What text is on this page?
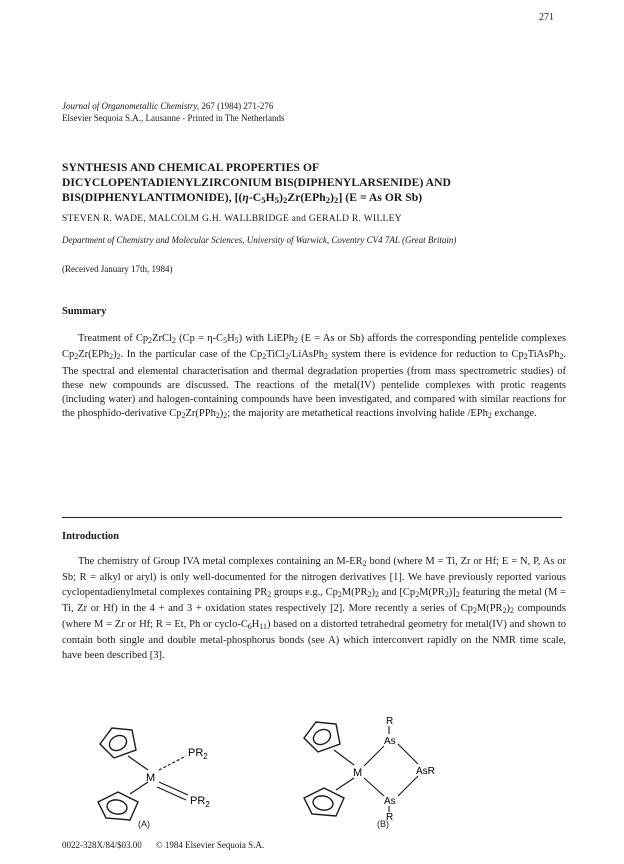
271
Journal of Organometallic Chemistry, 267 (1984) 271-276
Elsevier Sequoia S.A., Lausanne - Printed in The Netherlands
SYNTHESIS AND CHEMICAL PROPERTIES OF
DICYCLOPENTADIENYLZIRCONIUM BIS(DIPHENYLARSENIDE) AND
BIS(DIPHENYLANTIMONIDE), $[(\eta-C_5H_5)_2Zr(EPh_2)_2] (E = As$ OR Sb)
STEVEN R. WADE, MALCOLM G.H. WALLBRIDGE and GERALD R. WILLEY
Department of Chemistry and Molecular Sciences, University of Warwick, Coventry CV4 7AL (Great Britain)
(Received January 17th, 1984)
Summary
Treatment of $Cp_2ZrCl_2$ $(Cp = \eta-C_5H_5)$ with LiEPh$_2$ (E = As or Sb) affords the corresponding pentelide complexes $Cp_2Zr(EPh_2)_2$. In the particular case of the $Cp_2TiCl_2/LiAsPh_2$ system there is evidence for reduction to $Cp_2TiAsPh_2$. The spectral and elemental characterisation and thermal degradation properties (from mass spectrometric studies) of these new compounds are discussed. The reactions of the metal(IV) pentelide complexes with protic reagents (including water) and halogen-containing compounds have been investigated, and compared with similar reactions for the phosphido-derivative $Cp_2Zr(PPh_2)_2$; the majority are metathetical reactions involving halide /EPh$_2$ exchange.
Introduction
The chemistry of Group IVA metal complexes containing an $M-ER_2$ bond (where M = Ti, Zr or Hf; E = N, P, As or Sb; R = alkyl or aryl) is only well-documented for the nitrogen derivatives [1]. We have previously reported various cyclopentadienylmetal complexes containing $PR_2$ groups e.g., $Cp_2M(PR_2)_2$ and $[Cp_2M(PR_2)]_2$ featuring the metal (M = Ti, Zr or Hf) in the 4 + and 3 + oxidation states respectively [2]. More recently a series of $Cp_2M(PR_2)_2$ compounds (where M = Zr or Hf; R = Et, Ph or cyclo-$C_6H_{11}$) based on a distorted tetrahedral geometry for metal(IV) and shown to contain both single and double metal-phosphorus bonds (see A) which interconvert rapidly on the NMR time scale, have been described [3].
M
$PR_2$
$PR_2$
(A)
M
R
As
AsR
As
R
(B)
0022-328X/84/$03.00 © 1984 Elsevier Sequoia S.A.
